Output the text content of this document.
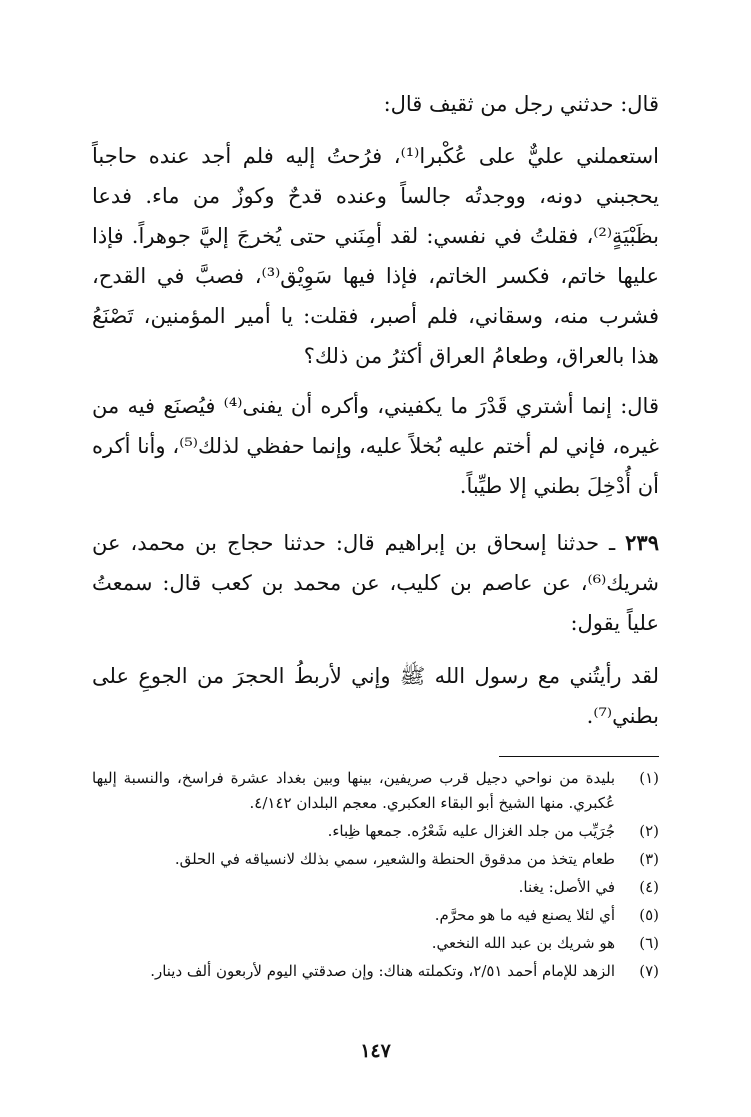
قال: حدثني رجل من ثقيف قال:

استعملني عليٌّ على عُكْبرا⁽¹⁾، فرُحتُ إليه فلم أجد عنده حاجباً يحجبني دونه، ووجدتُه جالساً وعنده قدحٌ وكوزٌ من ماء. فدعا بظَبْيَةٍ⁽²⁾، فقلتُ في نفسي: لقد أمِنَني حتى يُخرجَ إليَّ جوهراً. فإذا عليها خاتم، فكسر الخاتم، فإذا فيها سَوِيْق⁽³⁾، فصبَّ في القدح، فشرب منه، وسقاني، فلم أصبر، فقلت: يا أمير المؤمنين، تَصْنَعُ هذا بالعراق، وطعامُ العراق أكثرُ من ذلك؟

قال: إنما أشتري قَدْرَ ما يكفيني، وأكره أن يفنى⁽⁴⁾ فيُصنَع فيه من غيره، فإني لم أختم عليه بُخلاً عليه، وإنما حفظي لذلك⁽⁵⁾، وأنا أكره أن أُدْخِلَ بطني إلا طيِّباً.

٢٣٩ ـ حدثنا إسحاق بن إبراهيم قال: حدثنا حجاج بن محمد، عن شريك⁽⁶⁾، عن عاصم بن كليب، عن محمد بن كعب قال: سمعتُ علياً يقول:

لقد رأيتُني مع رسول الله ﷺ وإني لأربطُ الحجرَ من الجوعِ على بطني⁽⁷⁾.

(١)
بليدة من نواحي دجيل قرب صريفين، بينها وبين بغداد عشرة فراسخ، والنسبة إليها عُكبري. منها الشيخ أبو البقاء العكبري. معجم البلدان ٤/١٤٢.
(٢)
جُرَيِّب من جلد الغزال عليه شَعْرُه. جمعها ظِباء.
(٣)
طعام يتخذ من مدقوق الحنطة والشعير، سمي بذلك لانسياقه في الحلق.
(٤)
في الأصل: يغنا.
(٥)
أي لئلا يصنع فيه ما هو محرَّم.
(٦)
هو شريك بن عبد الله النخعي.
(٧)
الزهد للإمام أحمد ٢/٥١، وتكملته هناك: وإن صدقتي اليوم لأربعون ألف دينار.
١٤٧
